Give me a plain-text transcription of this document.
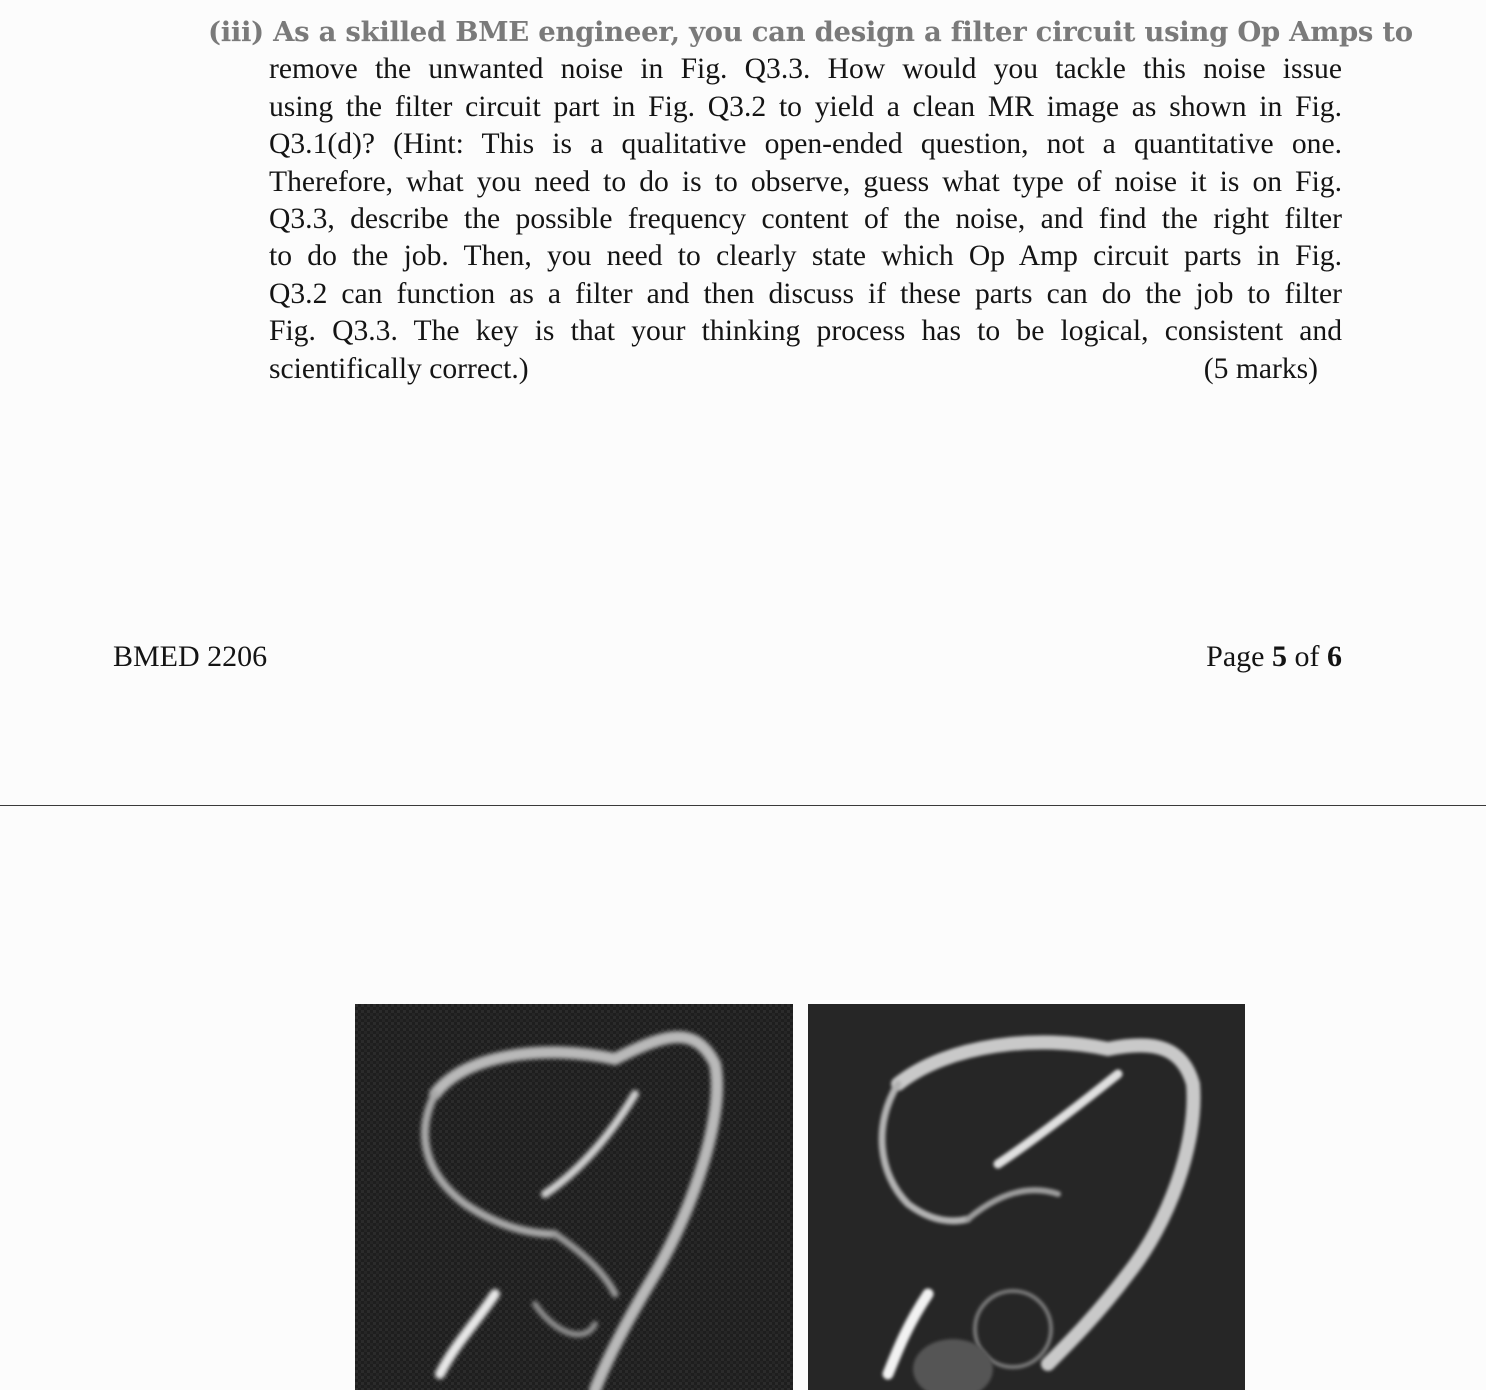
(iii) As a skilled BME engineer, you can design a filter circuit using Op Amps to
remove the unwanted noise in Fig. Q3.3. How would you tackle this noise issue
using the filter circuit part in Fig. Q3.2 to yield a clean MR image as shown in Fig.
Q3.1(d)? (Hint: This is a qualitative open-ended question, not a quantitative one.
Therefore, what you need to do is to observe, guess what type of noise it is on Fig.
Q3.3, describe the possible frequency content of the noise, and find the right filter
to do the job. Then, you need to clearly state which Op Amp circuit parts in Fig.
Q3.2 can function as a filter and then discuss if these parts can do the job to filter
Fig. Q3.3. The key is that your thinking process has to be logical, consistent and
scientifically correct.)	(5 marks)
BMED 2206	Page 5 of 6
